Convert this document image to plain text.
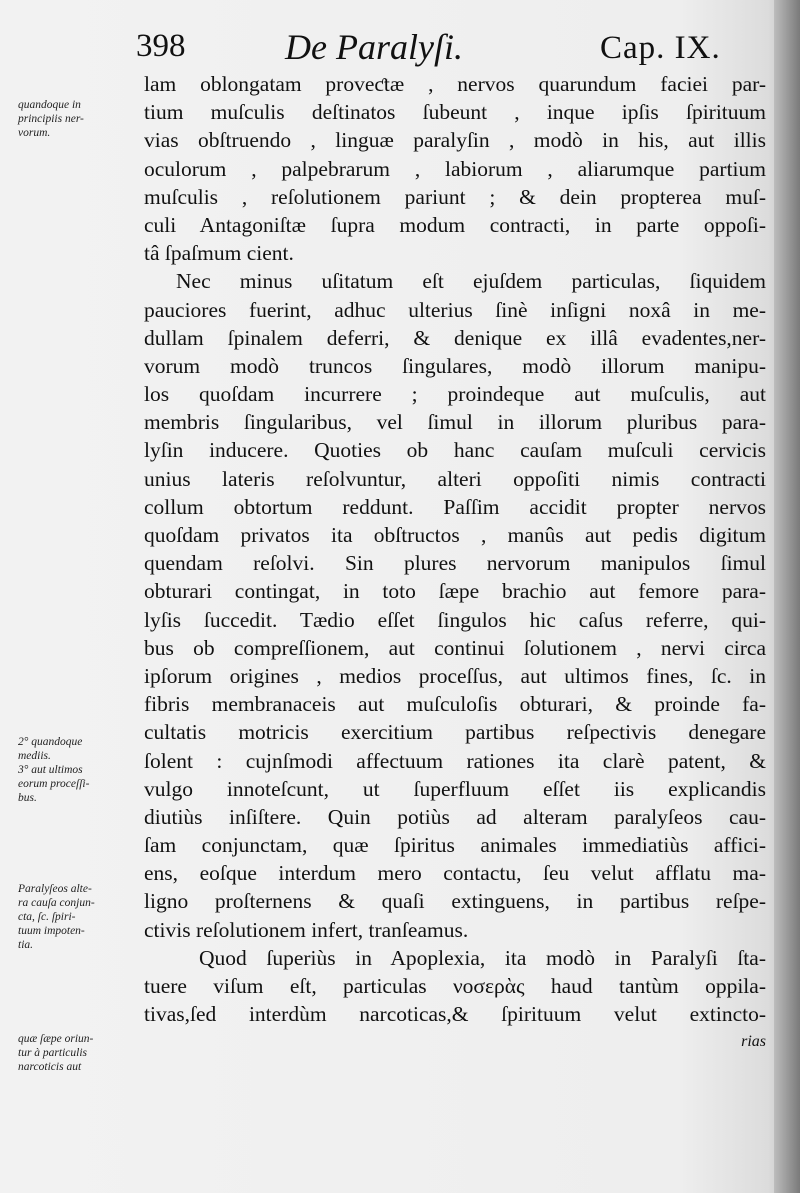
398	De Paralyſi.	Cap. IX.
lam oblongatam proveƈtæ , nervos quarundum faciei par-
tium muſculis deſtinatos ſubeunt , inque ipſis ſpirituum
vias obſtruendo , linguæ paralyſin , modò in his, aut illis
oculorum , palpebrarum , labiorum , aliarumque partium
muſculis , reſolutionem pariunt ; & dein propterea muſ-
culi Antagoniſtæ ſupra modum contracti, in parte oppoſi-
tâ ſpaſmum cient.
Nec minus uſitatum eſt ejuſdem particulas, ſiquidem
pauciores fuerint, adhuc ulterius ſinè inſigni noxâ in me-
dullam ſpinalem deferri, & denique ex illâ evadentes,ner-
vorum modò truncos ſingulares, modò illorum manipu-
los quoſdam incurrere ; proindeque aut muſculis, aut
membris ſingularibus, vel ſimul in illorum pluribus para-
lyſin inducere. Quoties ob hanc cauſam muſculi cervicis
unius lateris reſolvuntur, alteri oppoſiti nimis contracti
collum obtortum reddunt. Paſſim accidit propter nervos
quoſdam privatos ita obſtructos , manûs aut pedis digitum
quendam reſolvi. Sin plures nervorum manipulos ſimul
obturari contingat, in toto ſæpe brachio aut femore para-
lyſis ſuccedit. Tædio eſſet ſingulos hic caſus referre, qui-
bus ob compreſſionem, aut continui ſolutionem , nervi circa
ipſorum origines , medios proceſſus, aut ultimos fines, ſc. in
fibris membranaceis aut muſculoſis obturari, & proinde fa-
cultatis motricis exercitium partibus reſpectivis denegare
ſolent : cujnſmodi affectuum rationes ita clarè patent, &
vulgo innoteſcunt, ut ſuperfluum eſſet iis explicandis
diutiùs inſiſtere. Quin potiùs ad alteram paralyſeos cau-
ſam conjunctam, quæ ſpiritus animales immediatiùs affici-
ens, eoſque interdum mero contactu, ſeu velut afflatu ma-
ligno proſternens & quaſi extinguens, in partibus reſpe-
ctivis reſolutionem infert, tranſeamus.
Quod ſuperiùs in Apoplexia, ita modò in Paralyſi ſta-
tuere viſum eſt, particulas νοσερὰς haud tantùm oppila-
tivas,ſed interdùm narcoticas,& ſpirituum velut extincto-
rias
quandoque in
principiis ner-
vorum.
2° quandoque
mediis.
3° aut ultimos
eorum proceſſi-
bus.
Paralyſeos alte-
ra cauſa conjun-
cta, ſc. ſpiri-
tuum impoten-
tia.
quæ ſæpe oriun-
tur à particulis
narcoticis aut
